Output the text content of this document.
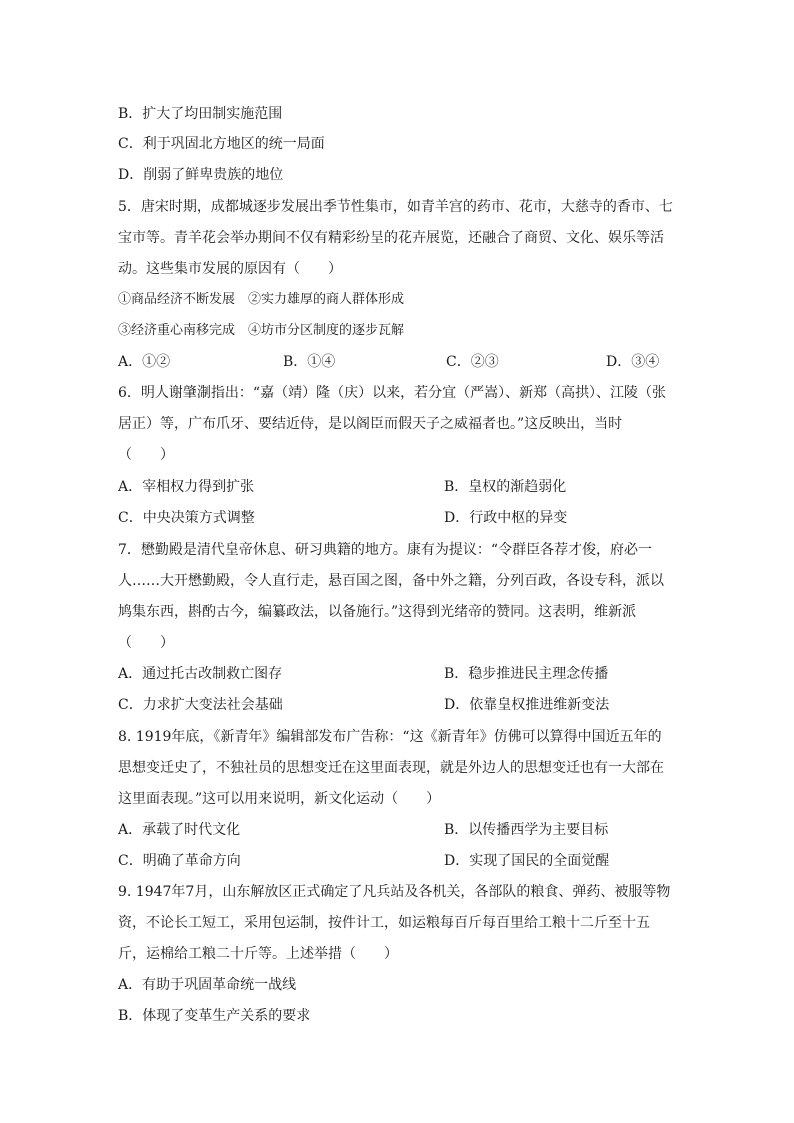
B．扩大了均田制实施范围
C．利于巩固北方地区的统一局面
D．削弱了鲜卑贵族的地位
5．唐宋时期，成都城逐步发展出季节性集市，如青羊宫的药市、花市，大慈寺的香市、七
宝市等。青羊花会举办期间不仅有精彩纷呈的花卉展览，还融合了商贸、文化、娱乐等活
动。这些集市发展的原因有（　　）
①商品经济不断发展　②实力雄厚的商人群体形成
③经济重心南移完成　④坊市分区制度的逐步瓦解
A．①②	B．①④	C．②③	D．③④
6．明人谢肇淛指出：“嘉（靖）隆（庆）以来，若分宜（严嵩）、新郑（高拱）、江陵（张
居正）等，广布爪牙、要结近侍，是以阁臣而假天子之威福者也。”这反映出，当时
（　　）
A．宰相权力得到扩张	B．皇权的渐趋弱化
C．中央决策方式调整	D．行政中枢的异变
7．懋勤殿是清代皇帝休息、研习典籍的地方。康有为提议：“令群臣各荐才俊，府必一
人……大开懋勤殿，令人直行走，悬百国之图，备中外之籍，分列百政，各设专科，派以
鸠集东西，斟酌古今，编纂政法，以备施行。”这得到光绪帝的赞同。这表明，维新派
（　　）
A．通过托古改制救亡图存	B．稳步推进民主理念传播
C．力求扩大变法社会基础	D．依靠皇权推进维新变法
8. 1919年底，《新青年》编辑部发布广告称：“这《新青年》仿佛可以算得中国近五年的
思想变迁史了，不独社员的思想变迁在这里面表现，就是外边人的思想变迁也有一大部在
这里面表现。”这可以用来说明，新文化运动（　　）
A．承载了时代文化	B．以传播西学为主要目标
C．明确了革命方向	D．实现了国民的全面觉醒
9. 1947年7月，山东解放区正式确定了凡兵站及各机关，各部队的粮食、弹药、被服等物
资，不论长工短工，采用包运制，按件计工，如运粮每百斤每百里给工粮十二斤至十五
斤，运棉给工粮二十斤等。上述举措（　　）
A．有助于巩固革命统一战线
B．体现了变革生产关系的要求
